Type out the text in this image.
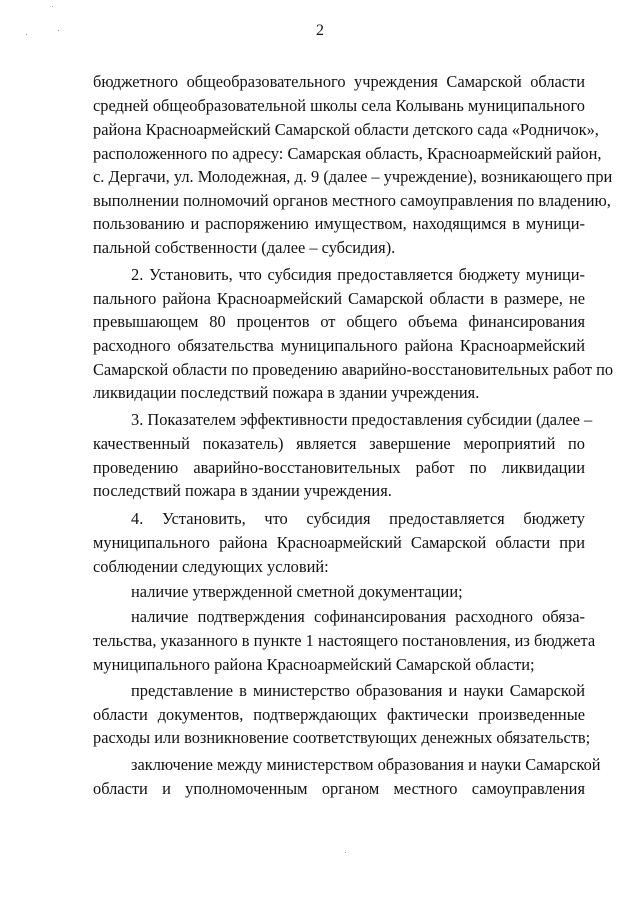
2
бюджетного общеобразовательного учреждения Самарской области
средней общеобразовательной школы села Колывань муниципального
района Красноармейский Самарской области детского сада «Родничок»,
расположенного по адресу: Самарская область, Красноармейский район,
с. Дергачи, ул. Молодежная, д. 9 (далее – учреждение), возникающего при
выполнении полномочий органов местного самоуправления по владению,
пользованию и распоряжению имуществом, находящимся в муници-
пальной собственности (далее – субсидия).
2. Установить, что субсидия предоставляется бюджету муници-
пального района Красноармейский Самарской области в размере, не
превышающем 80 процентов от общего объема финансирования
расходного обязательства муниципального района Красноармейский
Самарской области по проведению аварийно-восстановительных работ по
ликвидации последствий пожара в здании учреждения.
3. Показателем эффективности предоставления субсидии (далее –
качественный показатель) является завершение мероприятий по
проведению аварийно-восстановительных работ по ликвидации
последствий пожара в здании учреждения.
4. Установить, что субсидия предоставляется бюджету
муниципального района Красноармейский Самарской области при
соблюдении следующих условий:
наличие утвержденной сметной документации;
наличие подтверждения софинансирования расходного обяза-
тельства, указанного в пункте 1 настоящего постановления, из бюджета
муниципального района Красноармейский Самарской области;
представление в министерство образования и науки Самарской
области документов, подтверждающих фактически произведенные
расходы или возникновение соответствующих денежных обязательств;
заключение между министерством образования и науки Самарской
области и уполномоченным органом местного самоуправления
